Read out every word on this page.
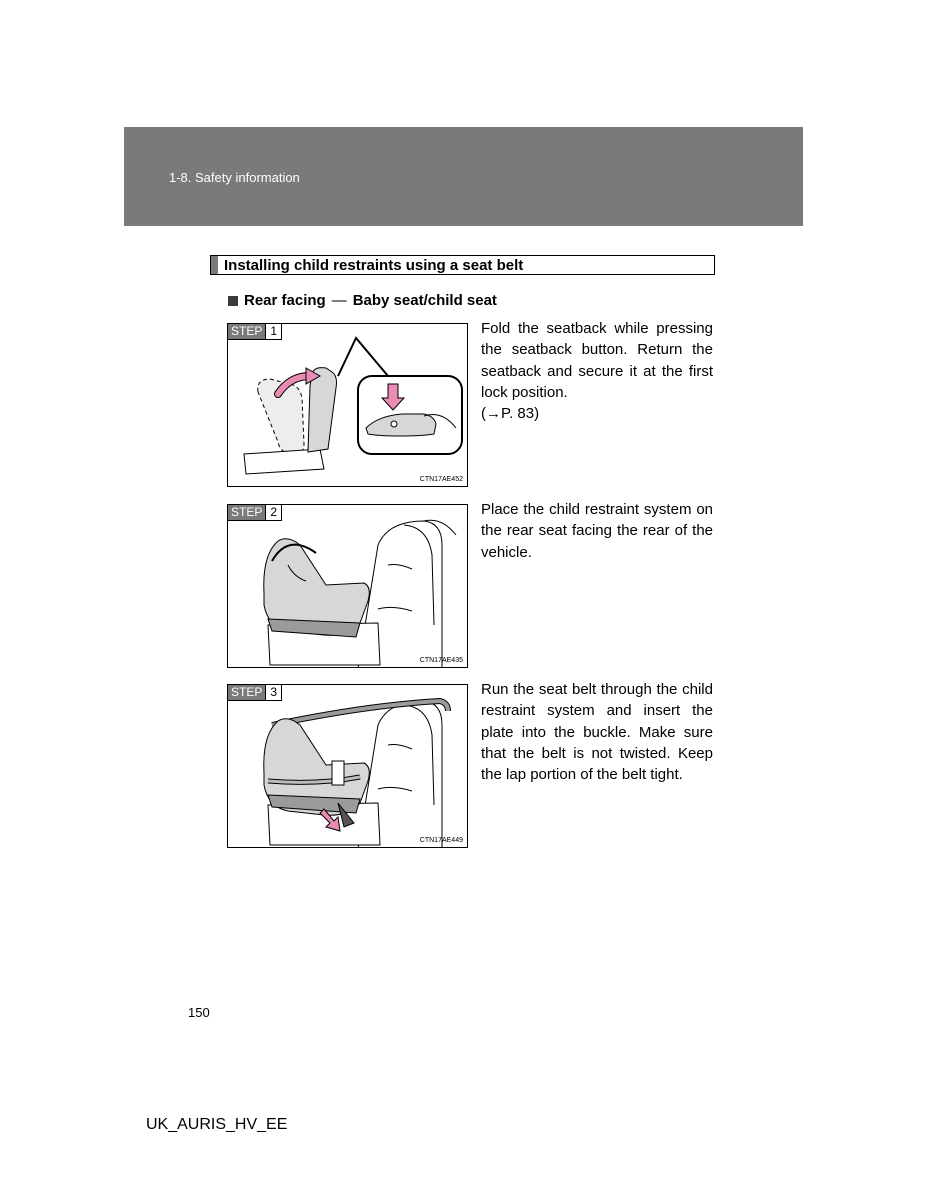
1-8. Safety information
Installing child restraints using a seat belt
Rear facing — Baby seat/child seat
STEP 1
CTN17AE452

Fold the seatback while pressing the seatback button. Return the seatback and secure it at the first lock position.
(→P. 83)

STEP 2
CTN17AE435

Place the child restraint system on the rear seat facing the rear of the vehicle.

STEP 3
CTN17AE449

Run the seat belt through the child restraint system and insert the plate into the buckle. Make sure that the belt is not twisted. Keep the lap portion of the belt tight.

150
UK_AURIS_HV_EE
